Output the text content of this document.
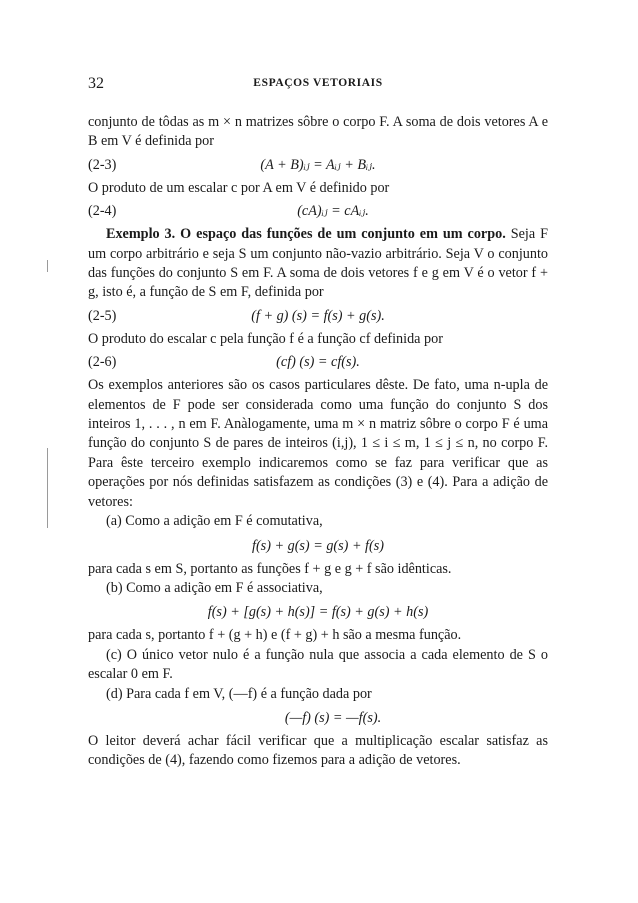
32	ESPAÇOS VETORIAIS

conjunto de tôdas as m × n matrizes sôbre o corpo F. A soma de dois vetores A e B em V é definida por

(2-3)	(A + B)ᵢⱼ = Aᵢⱼ + Bᵢⱼ.

O produto de um escalar c por A em V é definido por

(2-4)	(cA)ᵢⱼ = cAᵢⱼ.

Exemplo 3. O espaço das funções de um conjunto em um corpo. Seja F um corpo arbitrário e seja S um conjunto não-vazio arbitrário. Seja V o conjunto das funções do conjunto S em F. A soma de dois vetores f e g em V é o vetor f + g, isto é, a função de S em F, definida por

(2-5)	(f + g) (s) = f(s) + g(s).

O produto do escalar c pela função f é a função cf definida por

(2-6)	(cf) (s) = cf(s).

Os exemplos anteriores são os casos particulares dêste. De fato, uma n-upla de elementos de F pode ser considerada como uma função do conjunto S dos inteiros 1, . . . , n em F. Anàlogamente, uma m × n matriz sôbre o corpo F é uma função do conjunto S de pares de inteiros (i,j), 1 ≤ i ≤ m, 1 ≤ j ≤ n, no corpo F. Para êste terceiro exemplo indicaremos como se faz para verificar que as operações por nós definidas satisfazem as condições (3) e (4). Para a adição de vetores:

(a) Como a adição em F é comutativa,

f(s) + g(s) = g(s) + f(s)

para cada s em S, portanto as funções f + g e g + f são idênticas.

(b) Como a adição em F é associativa,

f(s) + [g(s) + h(s)] = f(s) + g(s) + h(s)

para cada s, portanto f + (g + h) e (f + g) + h são a mesma função.

(c) O único vetor nulo é a função nula que associa a cada elemento de S o escalar 0 em F.

(d) Para cada f em V, (—f) é a função dada por

(—f) (s) = —f(s).

O leitor deverá achar fácil verificar que a multiplicação escalar satisfaz as condições de (4), fazendo como fizemos para a adição de vetores.
